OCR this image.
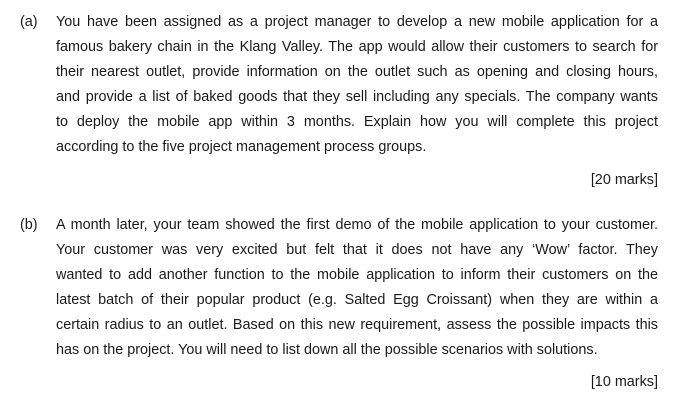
(a) You have been assigned as a project manager to develop a new mobile application for a
famous bakery chain in the Klang Valley. The app would allow their customers to search for
their nearest outlet, provide information on the outlet such as opening and closing hours,
and provide a list of baked goods that they sell including any specials. The company wants
to deploy the mobile app within 3 months. Explain how you will complete this project
according to the five project management process groups.
[20 marks]
(b) A month later, your team showed the first demo of the mobile application to your customer.
Your customer was very excited but felt that it does not have any ‘Wow’ factor. They
wanted to add another function to the mobile application to inform their customers on the
latest batch of their popular product (e.g. Salted Egg Croissant) when they are within a
certain radius to an outlet. Based on this new requirement, assess the possible impacts this
has on the project. You will need to list down all the possible scenarios with solutions.
[10 marks]
